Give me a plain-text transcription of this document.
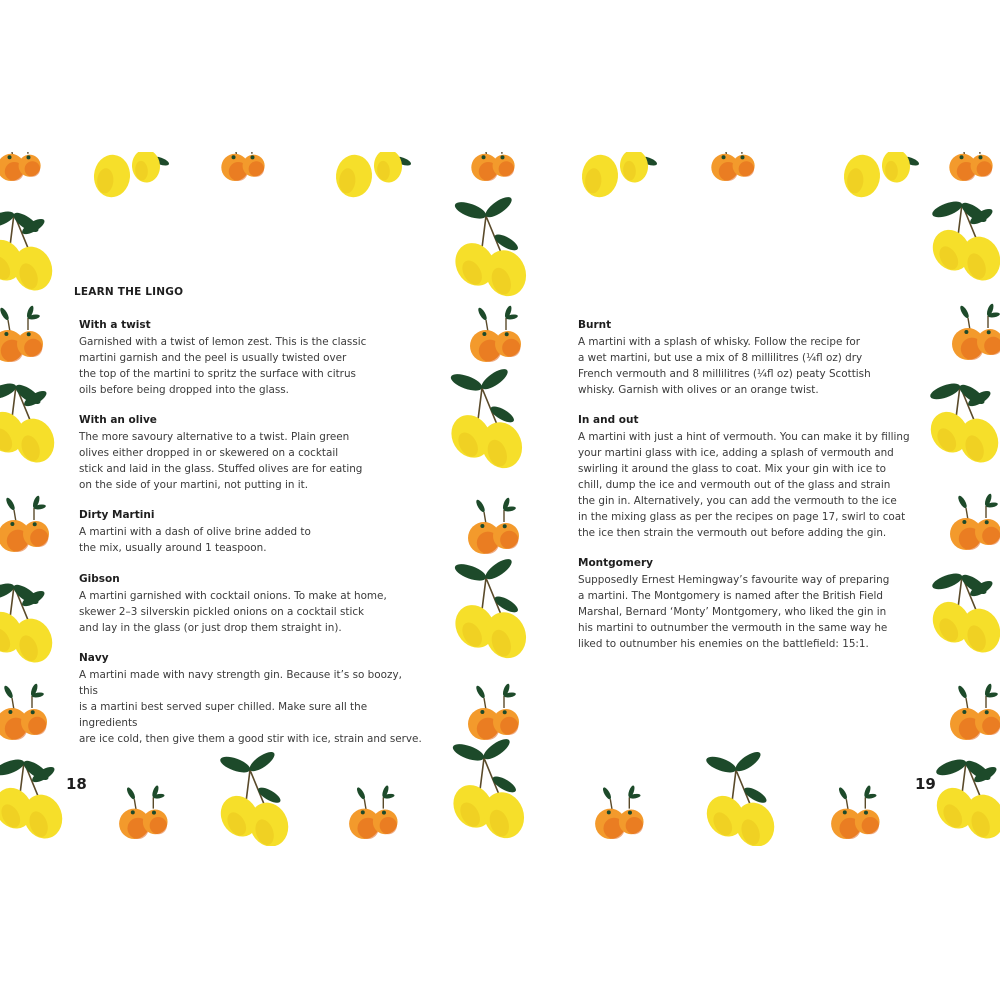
LEARN THE LINGO

With a twist

Garnished with a twist of lemon zest. This is the classic
martini garnish and the peel is usually twisted over
the top of the martini to spritz the surface with citrus
oils before being dropped into the glass.

With an olive

The more savoury alternative to a twist. Plain green
olives either dropped in or skewered on a cocktail
stick and laid in the glass. Stuffed olives are for eating
on the side of your martini, not putting in it.

Dirty Martini

A martini with a dash of olive brine added to
the mix, usually around 1 teaspoon.

Gibson

A martini garnished with cocktail onions. To make at home,
skewer 2–3 silverskin pickled onions on a cocktail stick
and lay in the glass (or just drop them straight in).

Navy

A martini made with navy strength gin. Because it’s so boozy, this
is a martini best served super chilled. Make sure all the ingredients
are ice cold, then give them a good stir with ice, strain and serve.

18

Burnt

A martini with a splash of whisky. Follow the recipe for
a wet martini, but use a mix of 8 millilitres (¼fl oz) dry
French vermouth and 8 millilitres (¼fl oz) peaty Scottish
whisky. Garnish with olives or an orange twist.

In and out

A martini with just a hint of vermouth. You can make it by filling
your martini glass with ice, adding a splash of vermouth and
swirling it around the glass to coat. Mix your gin with ice to
chill, dump the ice and vermouth out of the glass and strain
the gin in. Alternatively, you can add the vermouth to the ice
in the mixing glass as per the recipes on page 17, swirl to coat
the ice then strain the vermouth out before adding the gin.

Montgomery

Supposedly Ernest Hemingway’s favourite way of preparing
a martini. The Montgomery is named after the British Field
Marshal, Bernard ‘Monty’ Montgomery, who liked the gin in
his martini to outnumber the vermouth in the same way he
liked to outnumber his enemies on the battlefield: 15:1.

19
